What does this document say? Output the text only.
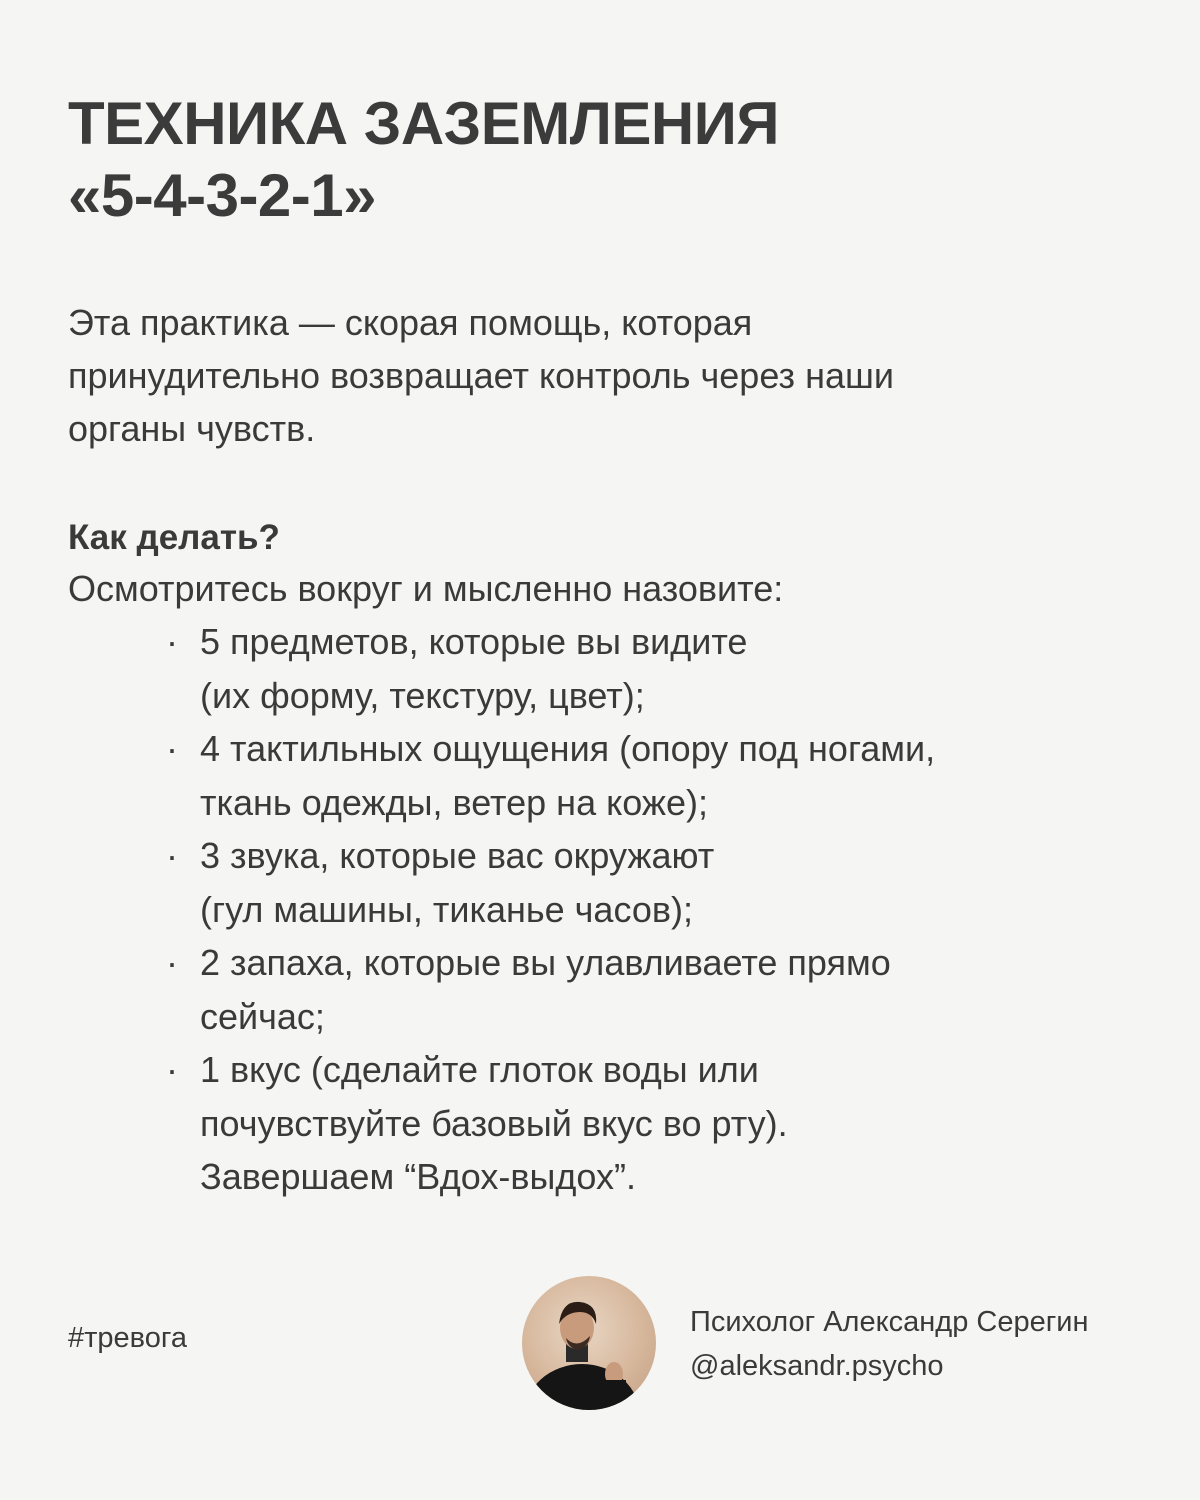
ТЕХНИКА ЗАЗЕМЛЕНИЯ
«5-4-3-2-1»

Эта практика — скорая помощь, которая
принудительно возвращает контроль через наши
органы чувств.

Как делать?
Осмотритесь вокруг и мысленно назовите:
· 5 предметов, которые вы видите
(их форму, текстуру, цвет);
· 4 тактильных ощущения (опору под ногами,
ткань одежды, ветер на коже);
· 3 звука, которые вас окружают
(гул машины, тиканье часов);
· 2 запаха, которые вы улавливаете прямо
сейчас;
· 1 вкус (сделайте глоток воды или
почувствуйте базовый вкус во рту).
Завершаем “Вдох-выдох”.
#тревога	Психолог Александр Серегин
@aleksandr.psycho
